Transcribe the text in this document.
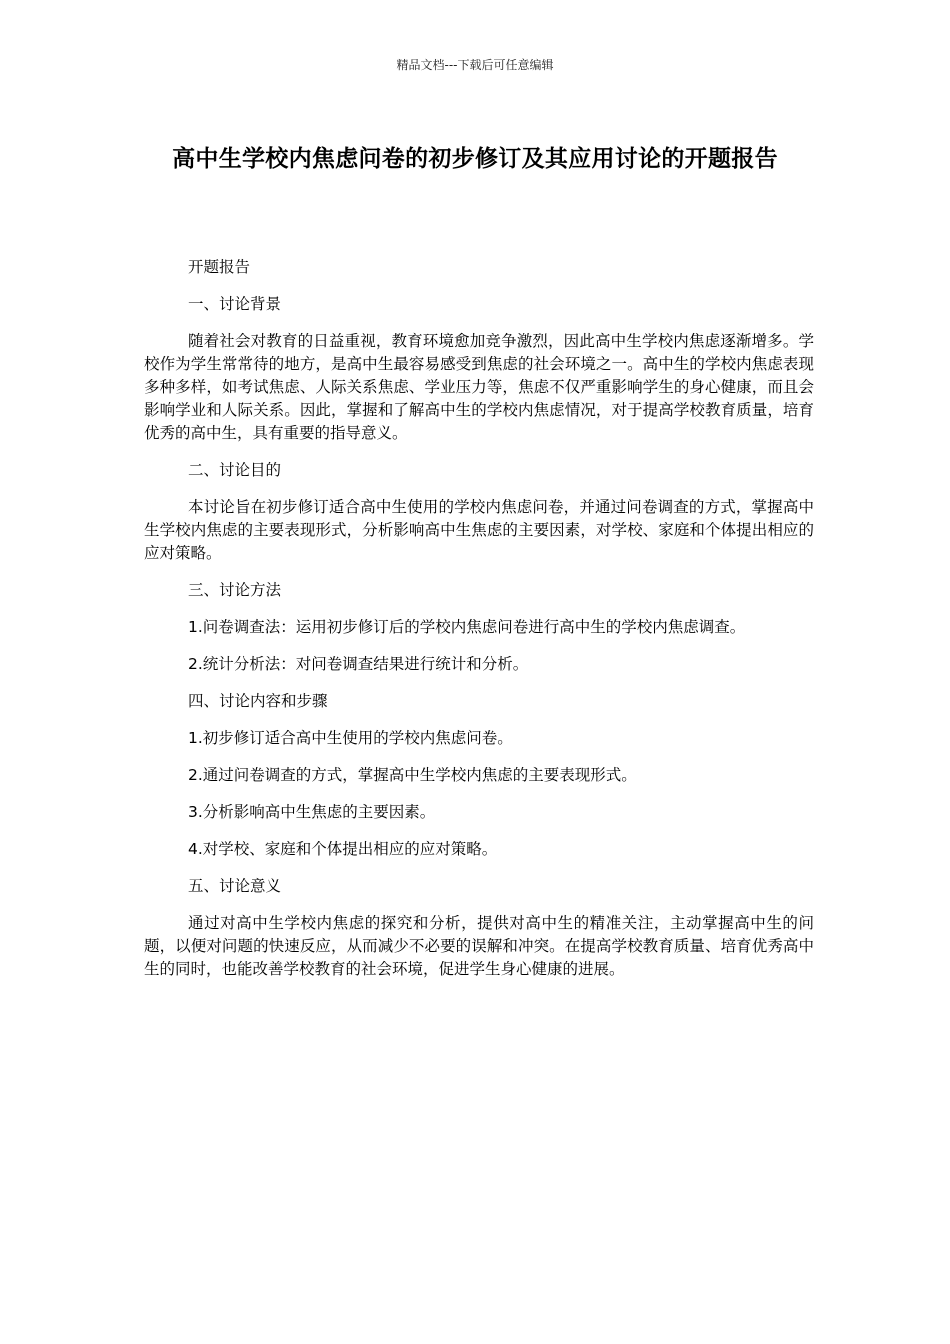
精品文档---下载后可任意编辑
高中生学校内焦虑问卷的初步修订及其应用讨论的开题报告

开题报告

一、讨论背景

随着社会对教育的日益重视，教育环境愈加竞争激烈，因此高中生学校内焦虑逐渐增多。学校作为学生常常待的地方，是高中生最容易感受到焦虑的社会环境之一。高中生的学校内焦虑表现多种多样，如考试焦虑、人际关系焦虑、学业压力等，焦虑不仅严重影响学生的身心健康，而且会影响学业和人际关系。因此，掌握和了解高中生的学校内焦虑情况，对于提高学校教育质量，培育优秀的高中生，具有重要的指导意义。

二、讨论目的

本讨论旨在初步修订适合高中生使用的学校内焦虑问卷，并通过问卷调查的方式，掌握高中生学校内焦虑的主要表现形式，分析影响高中生焦虑的主要因素，对学校、家庭和个体提出相应的应对策略。

三、讨论方法

1.问卷调查法：运用初步修订后的学校内焦虑问卷进行高中生的学校内焦虑调查。

2.统计分析法：对问卷调查结果进行统计和分析。

四、讨论内容和步骤

1.初步修订适合高中生使用的学校内焦虑问卷。

2.通过问卷调查的方式，掌握高中生学校内焦虑的主要表现形式。

3.分析影响高中生焦虑的主要因素。

4.对学校、家庭和个体提出相应的应对策略。

五、讨论意义

通过对高中生学校内焦虑的探究和分析，提供对高中生的精准关注，主动掌握高中生的问题，以便对问题的快速反应，从而减少不必要的误解和冲突。在提高学校教育质量、培育优秀高中生的同时，也能改善学校教育的社会环境，促进学生身心健康的进展。
